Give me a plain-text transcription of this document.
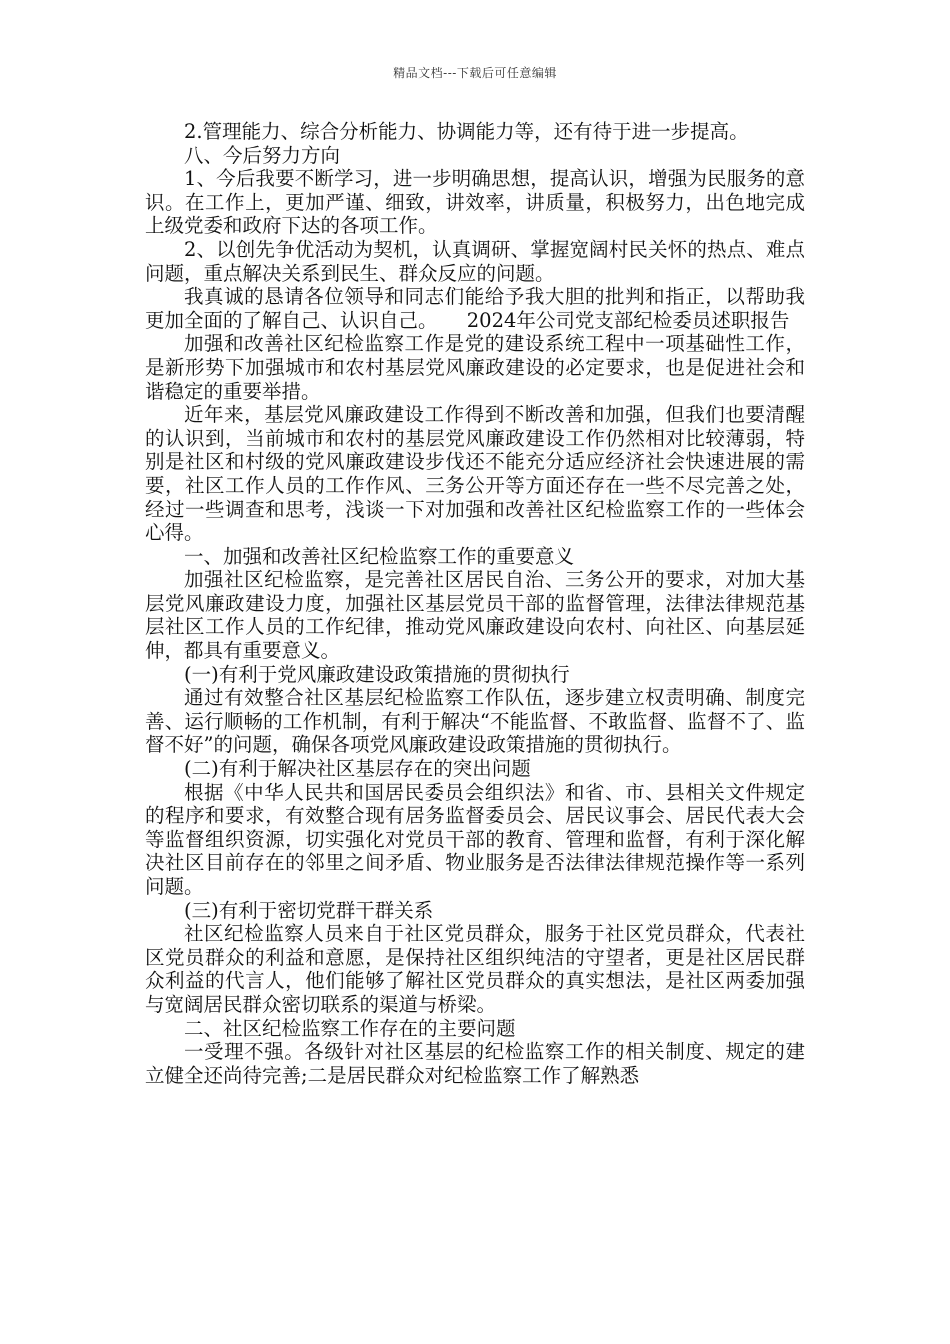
精品文档---下载后可任意编辑

2.管理能力、综合分析能力、协调能力等，还有待于进一步提高。

八、今后努力方向

1、今后我要不断学习，进一步明确思想，提高认识，增强为民服务的意识。在工作上，更加严谨、细致，讲效率，讲质量，积极努力，出色地完成上级党委和政府下达的各项工作。

2、以创先争优活动为契机，认真调研、掌握宽阔村民关怀的热点、难点问题，重点解决关系到民生、群众反应的问题。

我真诚的恳请各位领导和同志们能给予我大胆的批判和指正，以帮助我更加全面的了解自己、认识自己。　　2024年公司党支部纪检委员述职报告

加强和改善社区纪检监察工作是党的建设系统工程中一项基础性工作，是新形势下加强城市和农村基层党风廉政建设的必定要求，也是促进社会和谐稳定的重要举措。

近年来，基层党风廉政建设工作得到不断改善和加强，但我们也要清醒的认识到，当前城市和农村的基层党风廉政建设工作仍然相对比较薄弱，特别是社区和村级的党风廉政建设步伐还不能充分适应经济社会快速进展的需要，社区工作人员的工作作风、三务公开等方面还存在一些不尽完善之处，经过一些调查和思考，浅谈一下对加强和改善社区纪检监察工作的一些体会心得。

一、加强和改善社区纪检监察工作的重要意义

加强社区纪检监察，是完善社区居民自治、三务公开的要求，对加大基层党风廉政建设力度，加强社区基层党员干部的监督管理，法律法律规范基层社区工作人员的工作纪律，推动党风廉政建设向农村、向社区、向基层延伸，都具有重要意义。

(一)有利于党风廉政建设政策措施的贯彻执行

通过有效整合社区基层纪检监察工作队伍，逐步建立权责明确、制度完善、运行顺畅的工作机制，有利于解决“不能监督、不敢监督、监督不了、监督不好”的问题，确保各项党风廉政建设政策措施的贯彻执行。

(二)有利于解决社区基层存在的突出问题

根据《中华人民共和国居民委员会组织法》和省、市、县相关文件规定的程序和要求，有效整合现有居务监督委员会、居民议事会、居民代表大会等监督组织资源，切实强化对党员干部的教育、管理和监督，有利于深化解决社区目前存在的邻里之间矛盾、物业服务是否法律法律规范操作等一系列问题。

(三)有利于密切党群干群关系

社区纪检监察人员来自于社区党员群众，服务于社区党员群众，代表社区党员群众的利益和意愿，是保持社区组织纯洁的守望者，更是社区居民群众利益的代言人，他们能够了解社区党员群众的真实想法，是社区两委加强与宽阔居民群众密切联系的渠道与桥梁。

二、社区纪检监察工作存在的主要问题

一受理不强。各级针对社区基层的纪检监察工作的相关制度、规定的建立健全还尚待完善;二是居民群众对纪检监察工作了解熟悉
